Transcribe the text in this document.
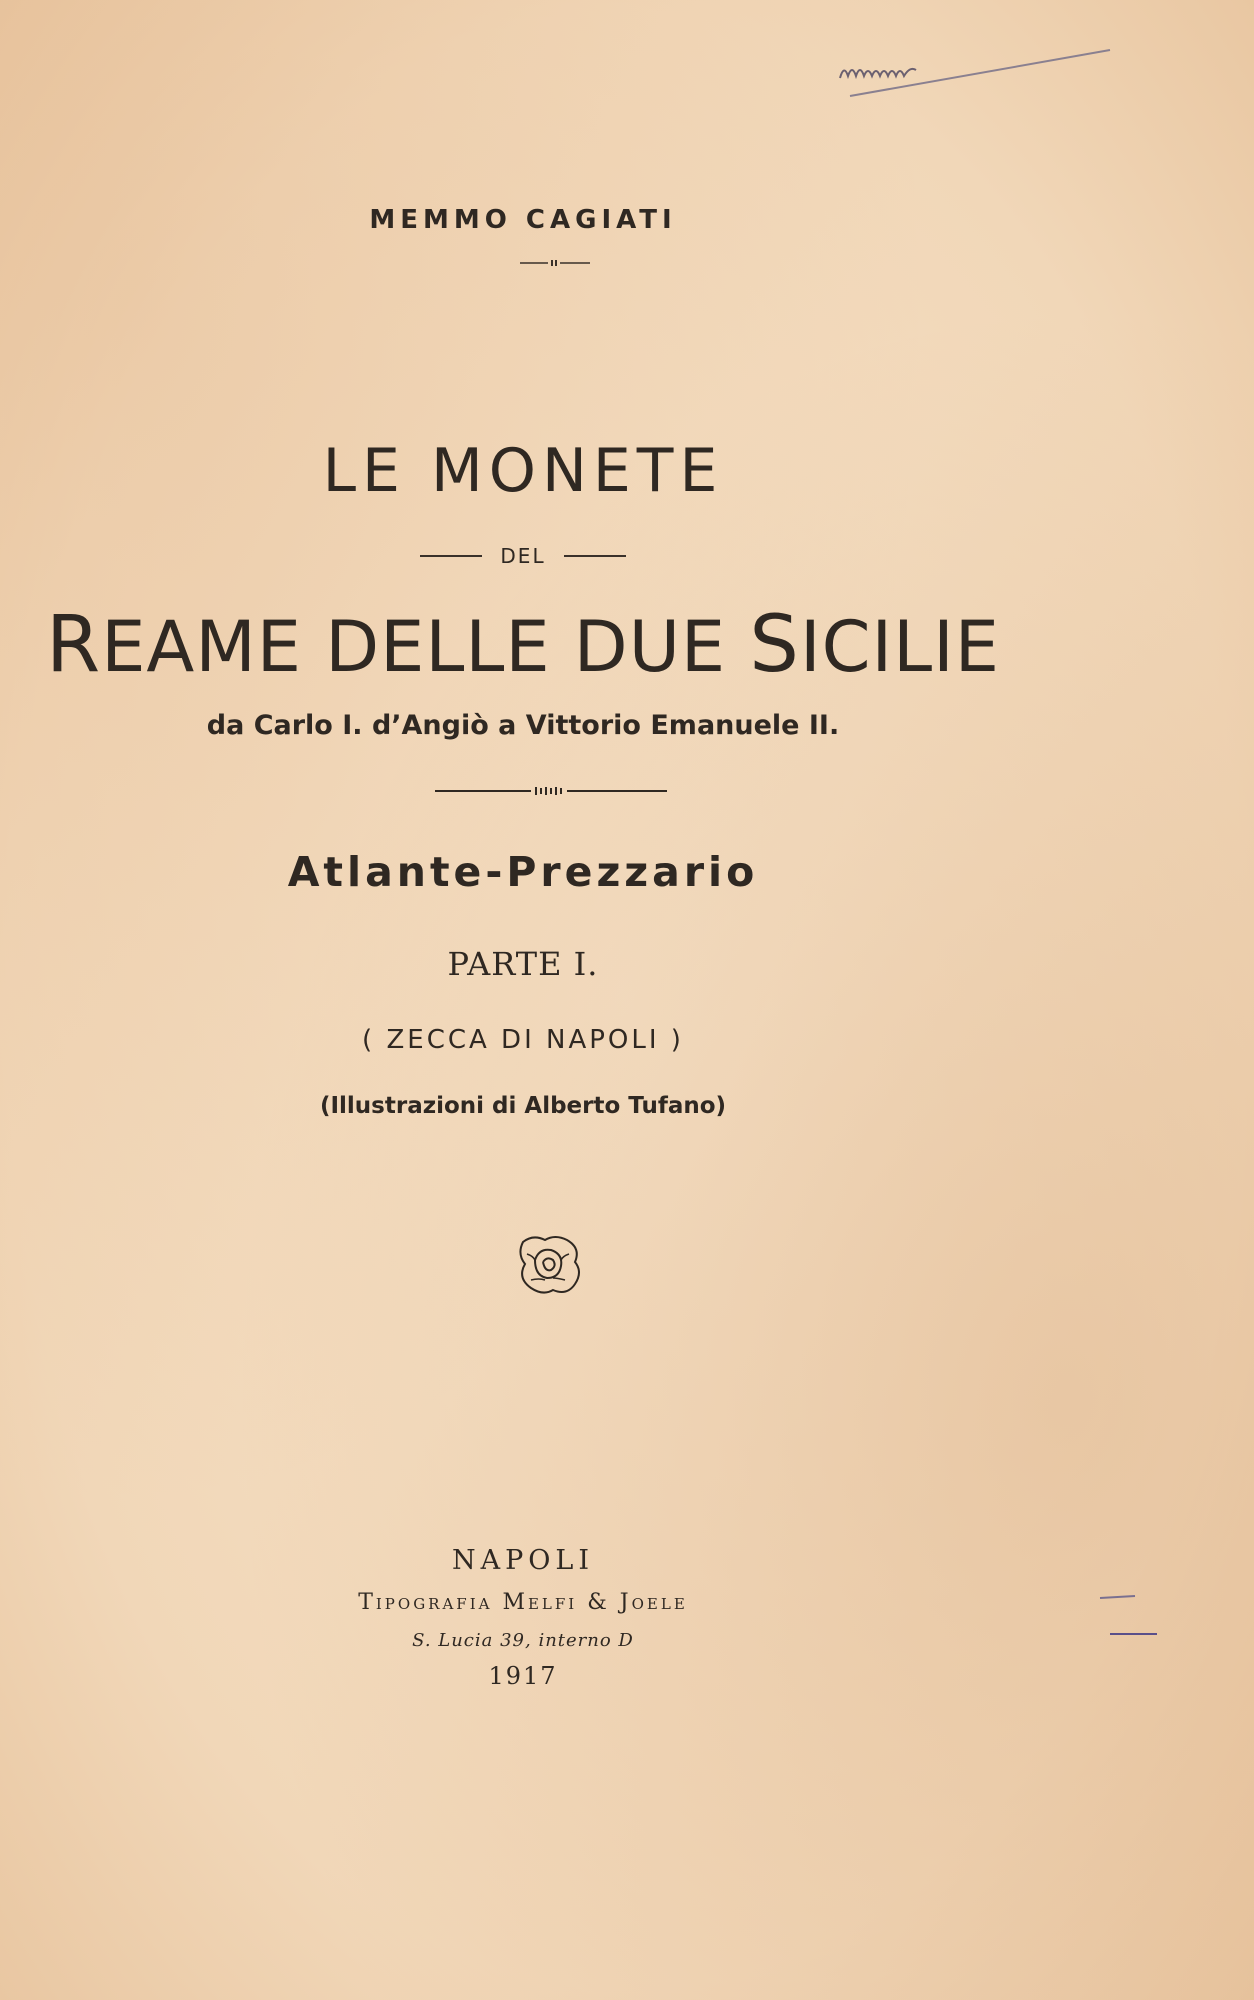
MEMMO CAGIATI
LE MONETE
DEL
REAME DELLE DUE SICILIE

da Carlo I. d’Angiò a Vittorio Emanuele II.

Atlante-Prezzario

PARTE I.

( ZECCA DI NAPOLI )

(Illustrazioni di Alberto Tufano)

NAPOLI

Tipografia Melfi & Joele

S. Lucia 39, interno D

1917
